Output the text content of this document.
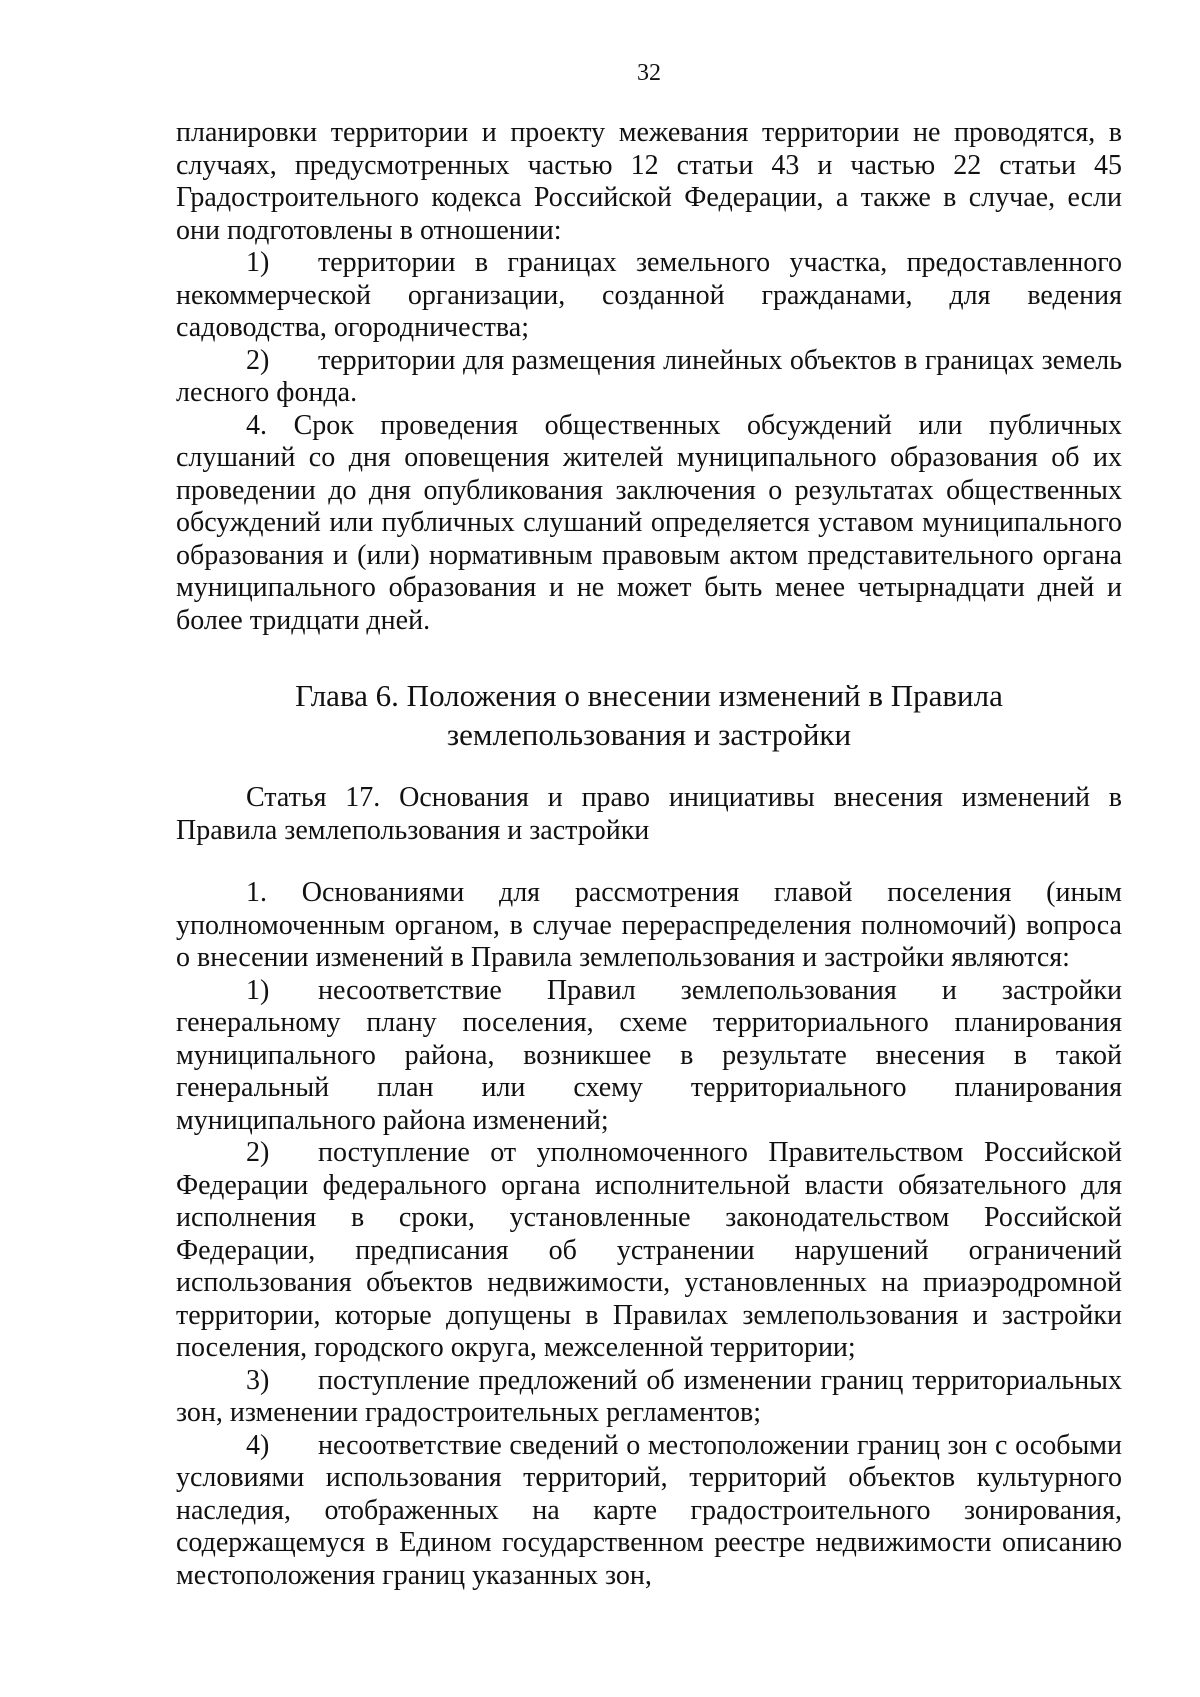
32

планировки территории и проекту межевания территории не проводятся, в случаях, предусмотренных частью 12 статьи 43 и частью 22 статьи 45 Градостроительного кодекса Российской Федерации, а также в случае, если они подготовлены в отношении:

1) территории в границах земельного участка, предоставленного некоммерческой организации, созданной гражданами, для ведения садоводства, огородничества;

2) территории для размещения линейных объектов в границах земель лесного фонда.

4. Срок проведения общественных обсуждений или публичных слушаний со дня оповещения жителей муниципального образования об их проведении до дня опубликования заключения о результатах общественных обсуждений или публичных слушаний определяется уставом муниципального образования и (или) нормативным правовым актом представительного органа муниципального образования и не может быть менее четырнадцати дней и более тридцати дней.

Глава 6. Положения о внесении изменений в Правила
землепользования и застройки

Статья 17. Основания и право инициативы внесения изменений в Правила землепользования и застройки

1. Основаниями для рассмотрения главой поселения (иным уполномоченным органом, в случае перераспределения полномочий) вопроса о внесении изменений в Правила землепользования и застройки являются:

1) несоответствие Правил землепользования и застройки генеральному плану поселения, схеме территориального планирования муниципального района, возникшее в результате внесения в такой генеральный план или схему территориального планирования муниципального района изменений;

2) поступление от уполномоченного Правительством Российской Федерации федерального органа исполнительной власти обязательного для исполнения в сроки, установленные законодательством Российской Федерации, предписания об устранении нарушений ограничений использования объектов недвижимости, установленных на приаэродромной территории, которые допущены в Правилах землепользования и застройки поселения, городского округа, межселенной территории;

3) поступление предложений об изменении границ территориальных зон, изменении градостроительных регламентов;

4) несоответствие сведений о местоположении границ зон с особыми условиями использования территорий, территорий объектов культурного наследия, отображенных на карте градостроительного зонирования, содержащемуся в Едином государственном реестре недвижимости описанию местоположения границ указанных зон,
